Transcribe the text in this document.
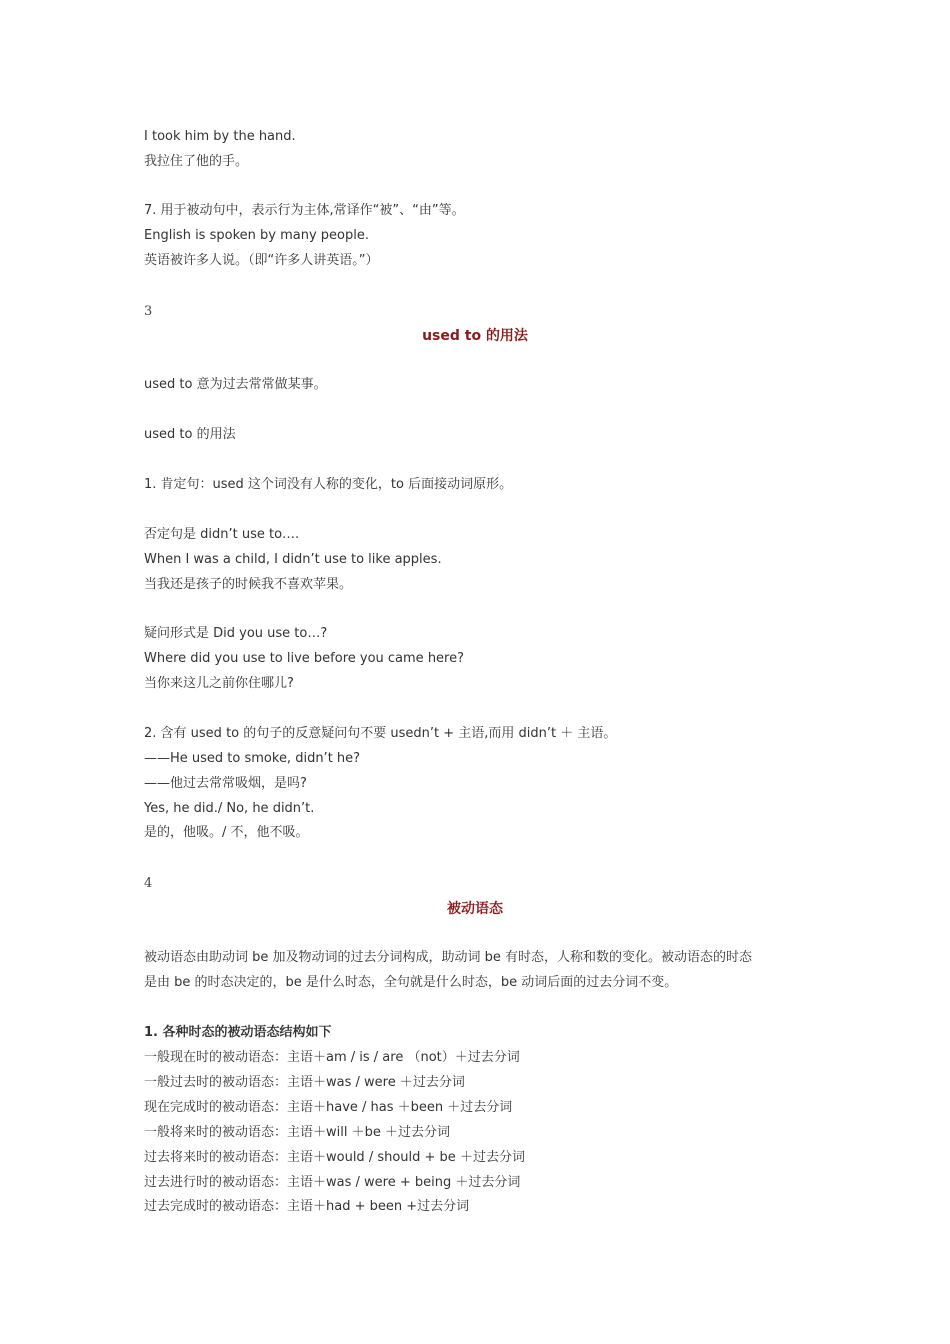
I took him by the hand.
我拉住了他的手。
7. 用于被动句中，表示行为主体,常译作“被”、“由”等。
English is spoken by many people.
英语被许多人说。（即“许多人讲英语。”）
3
used to 的用法
used to 意为过去常常做某事。
used to 的用法
1. 肯定句：used 这个词没有人称的变化，to 后面接动词原形。
否定句是 didn’t use to….
When I was a child, I didn’t use to like apples.
当我还是孩子的时候我不喜欢苹果。
疑问形式是 Did you use to…?
Where did you use to live before you came here?
当你来这儿之前你住哪儿?
2. 含有 used to 的句子的反意疑问句不要 usedn’t + 主语,而用 didn’t ＋ 主语。
——He used to smoke, didn’t he?
——他过去常常吸烟，是吗?
Yes, he did./ No, he didn’t.
是的，他吸。/ 不，他不吸。
4
被动语态
被动语态由助动词 be 加及物动词的过去分词构成，助动词 be 有时态，人称和数的变化。被动语态的时态
是由 be 的时态决定的，be 是什么时态，全句就是什么时态，be 动词后面的过去分词不变。
1. 各种时态的被动语态结构如下
一般现在时的被动语态：主语＋am / is / are （not）＋过去分词
一般过去时的被动语态：主语＋was / were ＋过去分词
现在完成时的被动语态：主语＋have / has ＋been ＋过去分词
一般将来时的被动语态：主语＋will ＋be ＋过去分词
过去将来时的被动语态：主语＋would / should + be ＋过去分词
过去进行时的被动语态：主语＋was / were + being ＋过去分词
过去完成时的被动语态：主语＋had + been +过去分词
